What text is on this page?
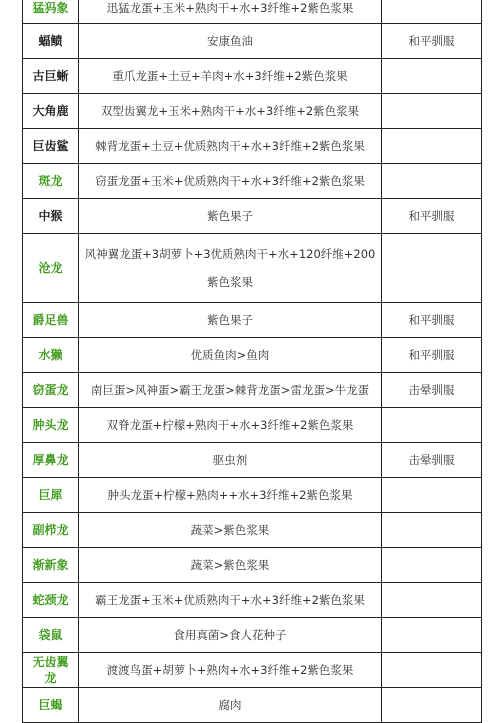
猛犸象	迅猛龙蛋+玉米+熟肉干+水+3纤维+2紫色浆果	
蝠鲼	安康鱼油	和平驯服
古巨蜥	重爪龙蛋+土豆+羊肉+水+3纤维+2紫色浆果	
大角鹿	双型齿翼龙+玉米+熟肉干+水+3纤维+2紫色浆果	
巨齿鲨	棘背龙蛋+土豆+优质熟肉干+水+3纤维+2紫色浆果	
斑龙	窃蛋龙蛋+玉米+优质熟肉干+水+3纤维+2紫色浆果	
中猴	紫色果子	和平驯服
沧龙	风神翼龙蛋+3胡萝卜+3优质熟肉干+水+120纤维+200紫色浆果	
爵足兽	紫色果子	和平驯服
水獭	优质鱼肉>鱼肉	和平驯服
窃蛋龙	南巨蛋>风神蛋>霸王龙蛋>棘背龙蛋>雷龙蛋>牛龙蛋	击晕驯服
肿头龙	双脊龙蛋+柠檬+熟肉干+水+3纤维+2紫色浆果	
厚鼻龙	驱虫剂	击晕驯服
巨犀	肿头龙蛋+柠檬+熟肉++水+3纤维+2紫色浆果	
副栉龙	蔬菜>紫色浆果	
渐新象	蔬菜>紫色浆果	
蛇颈龙	霸王龙蛋+玉米+优质熟肉干+水+3纤维+2紫色浆果	
袋鼠	食用真菌>食人花种子	
无齿翼龙	渡渡鸟蛋+胡萝卜+熟肉+水+3纤维+2紫色浆果	
巨蝎	腐肉	
